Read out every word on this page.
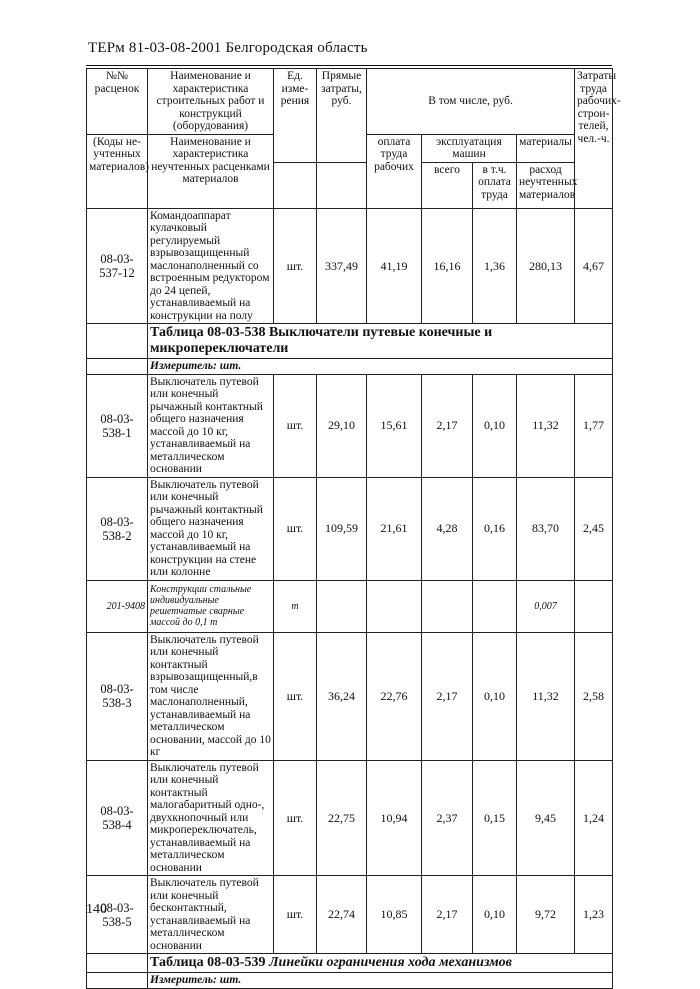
ТЕРм 81-03-08-2001 Белгородская область
№№ расценок	Наименование и характеристика строительных работ и конструкций (оборудования)	Ед. изме-рения	Прямые затраты, руб.	В том числе, руб.				Затраты труда рабочих-строи-телей, чел.-ч.
(Коды не-учтенных материалов)	Наименование и характеристика неучтенных расценками материалов			оплата труда рабочих	эксплуатация машин		материалы	
					всего	в т.ч. оплата труда	расход неучтенных материалов	
08-03-537-12	Командоаппарат кулачковый регулируемый взрывозащищенный маслонаполненный со встроенным редуктором до 24 цепей, устанавливаемый на конструкции на полу	шт.	337,49	41,19	16,16	1,36	280,13	4,67
	Таблица 08-03-538 Выключатели путевые конечные и микропереключатели							
	Измеритель: шт.							
08-03-538-1	Выключатель путевой или конечный рычажный контактный общего назначения массой до 10 кг, устанавливаемый на металлическом основании	шт.	29,10	15,61	2,17	0,10	11,32	1,77
08-03-538-2	Выключатель путевой или конечный рычажный контактный общего назначения массой до 10 кг, устанавливаемый на конструкции на стене или колонне	шт.	109,59	21,61	4,28	0,16	83,70	2,45
201-9408	Конструкции стальные индивидуальные решетчатые сварные массой до 0,1 т	т					0,007	
08-03-538-3	Выключатель путевой или конечный контактный взрывозащищенный,в том числе маслонаполненный, устанавливаемый на металлическом основании, массой до 10 кг	шт.	36,24	22,76	2,17	0,10	11,32	2,58
08-03-538-4	Выключатель путевой или конечный контактный малогабаритный одно-, двухкнопочный или микропереключатель, устанавливаемый на металлическом основании	шт.	22,75	10,94	2,37	0,15	9,45	1,24
08-03-538-5	Выключатель путевой или конечный бесконтактный, устанавливаемый на металлическом основании	шт.	22,74	10,85	2,17	0,10	9,72	1,23
	Таблица 08-03-539 Линейки ограничения хода механизмов							
	Измеритель: шт.							
140
